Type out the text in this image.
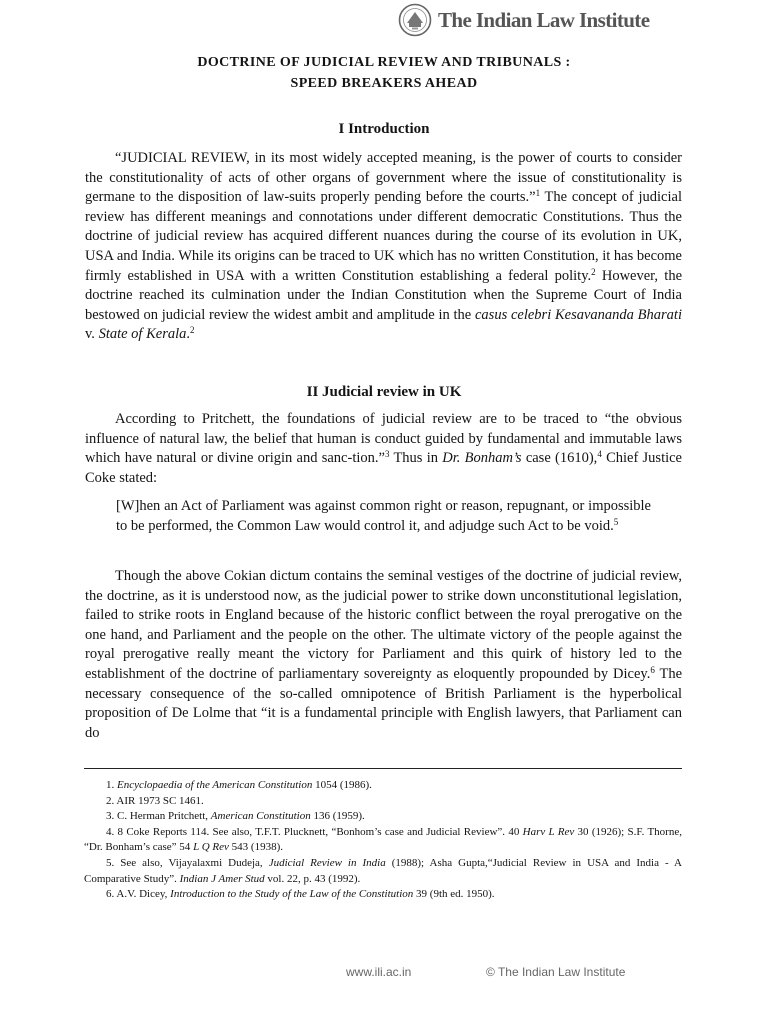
The Indian Law Institute
DOCTRINE OF JUDICIAL REVIEW AND TRIBUNALS :
SPEED BREAKERS AHEAD
I Introduction

“JUDICIAL REVIEW, in its most widely accepted meaning, is the power of courts to consider the constitutionality of acts of other organs of government where the issue of constitutionality is germane to the disposition of law-suits properly pending before the courts.”$^1$ The concept of judicial review has different meanings and connotations under different democratic Constitutions. Thus the doctrine of judicial review has acquired different nuances during the course of its evolution in UK, USA and India. While its origins can be traced to UK which has no written Constitution, it has become firmly established in USA with a written Constitution establishing a federal polity.$^2$ However, the doctrine reached its culmination under the Indian Constitution when the Supreme Court of India bestowed on judicial review the widest ambit and amplitude in the casus celebri Kesavananda Bharati v. State of Kerala.$^2$

II Judicial review in UK

According to Pritchett, the foundations of judicial review are to be traced to “the obvious influence of natural law, the belief that human is conduct guided by fundamental and immutable laws which have natural or divine origin and sanc-tion.”$^3$ Thus in Dr. Bonham’s case (1610),$^4$ Chief Justice Coke stated:

[W]hen an Act of Parliament was against common right or reason, repugnant, or impossible to be performed, the Common Law would control it, and adjudge such Act to be void.$^5$

Though the above Cokian dictum contains the seminal vestiges of the doctrine of judicial review, the doctrine, as it is understood now, as the judicial power to strike down unconstitutional legislation, failed to strike roots in England because of the historic conflict between the royal prerogative on the one hand, and Parliament and the people on the other. The ultimate victory of the people against the royal prerogative really meant the victory for Parliament and this quirk of history led to the establishment of the doctrine of parliamentary sovereignty as eloquently propounded by Dicey.$^6$ The necessary consequence of the so-called omnipotence of British Parliament is the hyperbolical proposition of De Lolme that “it is a fundamental principle with English lawyers, that Parliament can do

1. Encyclopaedia of the American Constitution 1054 (1986).

2. AIR 1973 SC 1461.

3. C. Herman Pritchett, American Constitution 136 (1959).

4. 8 Coke Reports 114. See also, T.F.T. Plucknett, “Bonhom’s case and Judicial Review”. 40 Harv L Rev 30 (1926); S.F. Thorne, “Dr. Bonham’s case” 54 L Q Rev 543 (1938).

5. See also, Vijayalaxmi Dudeja, Judicial Review in India (1988); Asha Gupta,“Judicial Review in USA and India - A Comparative Study”. Indian J Amer Stud vol. 22, p. 43 (1992).

6. A.V. Dicey, Introduction to the Study of the Law of the Constitution 39 (9th ed. 1950).

www.ili.ac.in	© The Indian Law Institute
